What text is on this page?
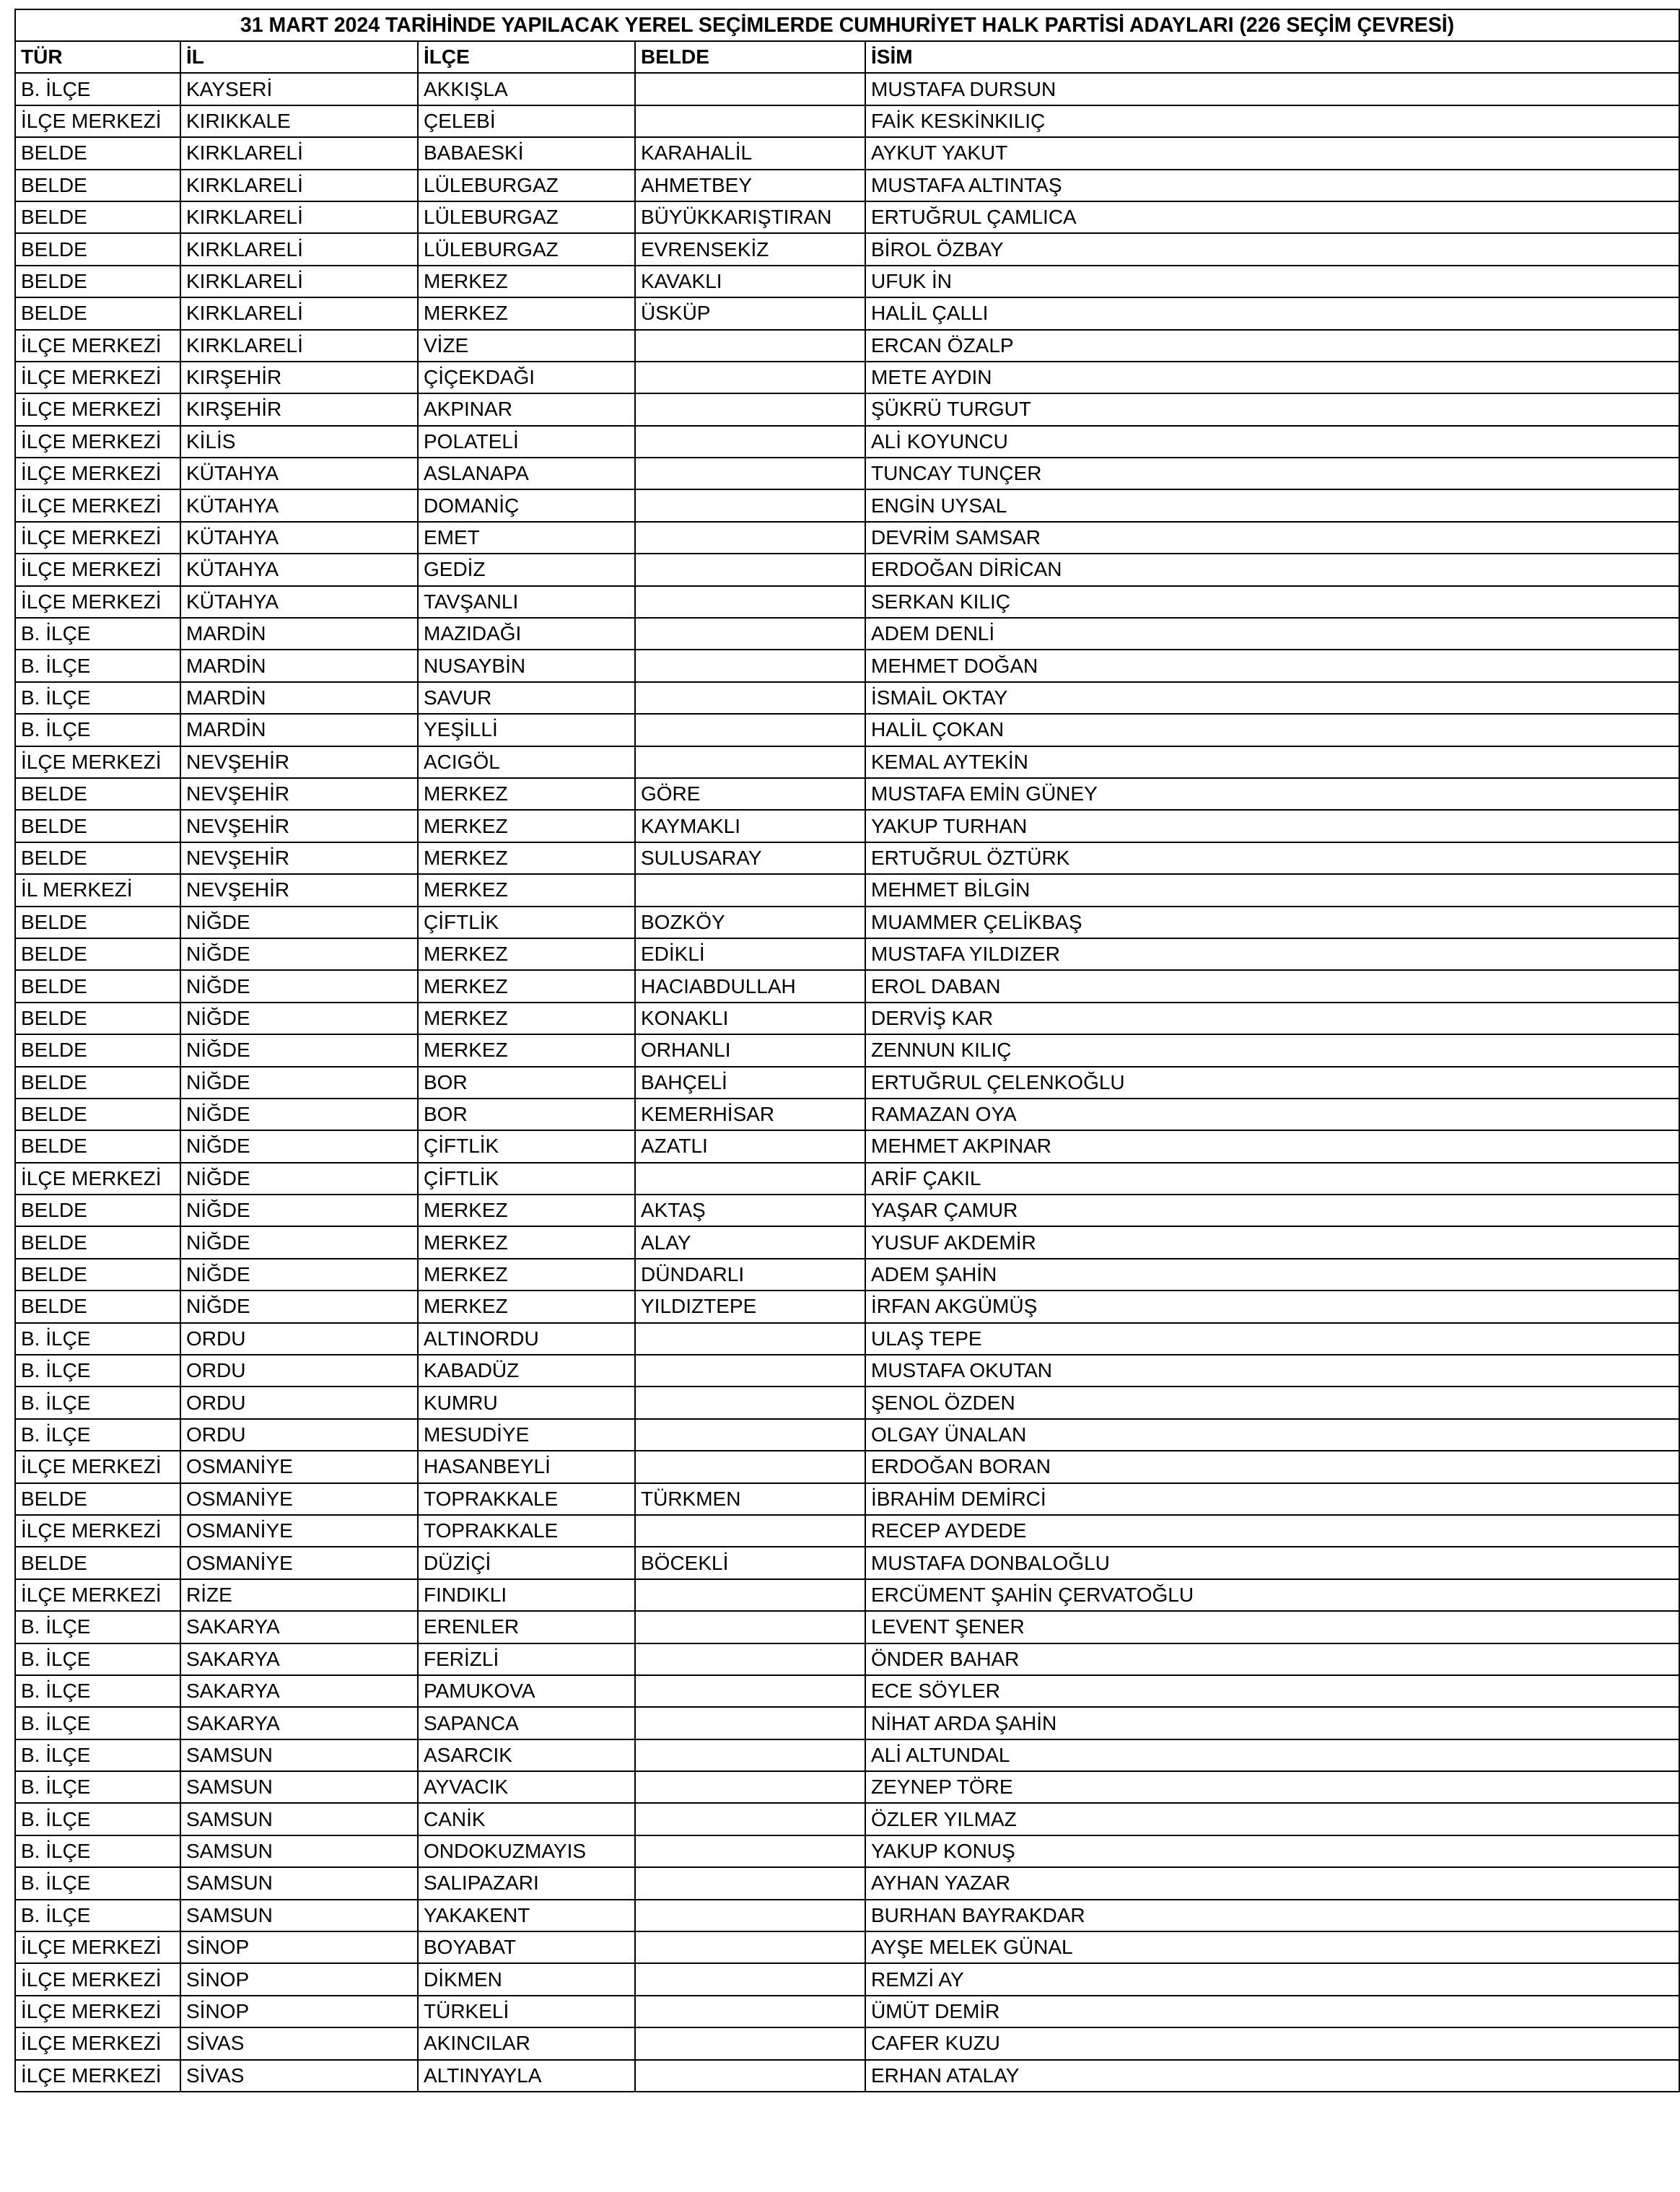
31 MART 2024 TARİHİNDE YAPILACAK YEREL SEÇİMLERDE CUMHURİYET HALK PARTİSİ ADAYLARI (226 SEÇİM ÇEVRESİ)				
TÜR	İL	İLÇE	BELDE	İSİM
B. İLÇE	KAYSERİ	AKKIŞLA		MUSTAFA DURSUN
İLÇE MERKEZİ	KIRIKKALE	ÇELEBİ		FAİK KESKİNKILIÇ
BELDE	KIRKLARELİ	BABAESKİ	KARAHALİL	AYKUT YAKUT
BELDE	KIRKLARELİ	LÜLEBURGAZ	AHMETBEY	MUSTAFA ALTINTAŞ
BELDE	KIRKLARELİ	LÜLEBURGAZ	BÜYÜKKARIŞTIRAN	ERTUĞRUL ÇAMLICA
BELDE	KIRKLARELİ	LÜLEBURGAZ	EVRENSEKİZ	BİROL ÖZBAY
BELDE	KIRKLARELİ	MERKEZ	KAVAKLI	UFUK İN
BELDE	KIRKLARELİ	MERKEZ	ÜSKÜP	HALİL ÇALLI
İLÇE MERKEZİ	KIRKLARELİ	VİZE		ERCAN ÖZALP
İLÇE MERKEZİ	KIRŞEHİR	ÇİÇEKDAĞI		METE AYDIN
İLÇE MERKEZİ	KIRŞEHİR	AKPINAR		ŞÜKRÜ TURGUT
İLÇE MERKEZİ	KİLİS	POLATELİ		ALİ KOYUNCU
İLÇE MERKEZİ	KÜTAHYA	ASLANAPA		TUNCAY TUNÇER
İLÇE MERKEZİ	KÜTAHYA	DOMANİÇ		ENGİN UYSAL
İLÇE MERKEZİ	KÜTAHYA	EMET		DEVRİM SAMSAR
İLÇE MERKEZİ	KÜTAHYA	GEDİZ		ERDOĞAN DİRİCAN
İLÇE MERKEZİ	KÜTAHYA	TAVŞANLI		SERKAN KILIÇ
B. İLÇE	MARDİN	MAZIDAĞI		ADEM DENLİ
B. İLÇE	MARDİN	NUSAYBİN		MEHMET DOĞAN
B. İLÇE	MARDİN	SAVUR		İSMAİL OKTAY
B. İLÇE	MARDİN	YEŞİLLİ		HALİL ÇOKAN
İLÇE MERKEZİ	NEVŞEHİR	ACIGÖL		KEMAL AYTEKİN
BELDE	NEVŞEHİR	MERKEZ	GÖRE	MUSTAFA EMİN GÜNEY
BELDE	NEVŞEHİR	MERKEZ	KAYMAKLI	YAKUP TURHAN
BELDE	NEVŞEHİR	MERKEZ	SULUSARAY	ERTUĞRUL ÖZTÜRK
İL MERKEZİ	NEVŞEHİR	MERKEZ		MEHMET BİLGİN
BELDE	NİĞDE	ÇİFTLİK	BOZKÖY	MUAMMER ÇELİKBAŞ
BELDE	NİĞDE	MERKEZ	EDİKLİ	MUSTAFA YILDIZER
BELDE	NİĞDE	MERKEZ	HACIABDULLAH	EROL DABAN
BELDE	NİĞDE	MERKEZ	KONAKLI	DERVİŞ KAR
BELDE	NİĞDE	MERKEZ	ORHANLI	ZENNUN KILIÇ
BELDE	NİĞDE	BOR	BAHÇELİ	ERTUĞRUL ÇELENKOĞLU
BELDE	NİĞDE	BOR	KEMERHİSAR	RAMAZAN OYA
BELDE	NİĞDE	ÇİFTLİK	AZATLI	MEHMET AKPINAR
İLÇE MERKEZİ	NİĞDE	ÇİFTLİK		ARİF ÇAKIL
BELDE	NİĞDE	MERKEZ	AKTAŞ	YAŞAR ÇAMUR
BELDE	NİĞDE	MERKEZ	ALAY	YUSUF AKDEMİR
BELDE	NİĞDE	MERKEZ	DÜNDARLI	ADEM ŞAHİN
BELDE	NİĞDE	MERKEZ	YILDIZTEPE	İRFAN AKGÜMÜŞ
B. İLÇE	ORDU	ALTINORDU		ULAŞ TEPE
B. İLÇE	ORDU	KABADÜZ		MUSTAFA OKUTAN
B. İLÇE	ORDU	KUMRU		ŞENOL ÖZDEN
B. İLÇE	ORDU	MESUDİYE		OLGAY ÜNALAN
İLÇE MERKEZİ	OSMANİYE	HASANBEYLİ		ERDOĞAN BORAN
BELDE	OSMANİYE	TOPRAKKALE	TÜRKMEN	İBRAHİM DEMİRCİ
İLÇE MERKEZİ	OSMANİYE	TOPRAKKALE		RECEP AYDEDE
BELDE	OSMANİYE	DÜZİÇİ	BÖCEKLİ	MUSTAFA DONBALOĞLU
İLÇE MERKEZİ	RİZE	FINDIKLI		ERCÜMENT ŞAHİN ÇERVATOĞLU
B. İLÇE	SAKARYA	ERENLER		LEVENT ŞENER
B. İLÇE	SAKARYA	FERİZLİ		ÖNDER BAHAR
B. İLÇE	SAKARYA	PAMUKOVA		ECE SÖYLER
B. İLÇE	SAKARYA	SAPANCA		NİHAT ARDA ŞAHİN
B. İLÇE	SAMSUN	ASARCIK		ALİ ALTUNDAL
B. İLÇE	SAMSUN	AYVACIK		ZEYNEP TÖRE
B. İLÇE	SAMSUN	CANİK		ÖZLER YILMAZ
B. İLÇE	SAMSUN	ONDOKUZMAYIS		YAKUP KONUŞ
B. İLÇE	SAMSUN	SALIPAZARI		AYHAN YAZAR
B. İLÇE	SAMSUN	YAKAKENT		BURHAN BAYRAKDAR
İLÇE MERKEZİ	SİNOP	BOYABAT		AYŞE MELEK GÜNAL
İLÇE MERKEZİ	SİNOP	DİKMEN		REMZİ AY
İLÇE MERKEZİ	SİNOP	TÜRKELİ		ÜMÜT DEMİR
İLÇE MERKEZİ	SİVAS	AKINCILAR		CAFER KUZU
İLÇE MERKEZİ	SİVAS	ALTINYAYLA		ERHAN ATALAY
